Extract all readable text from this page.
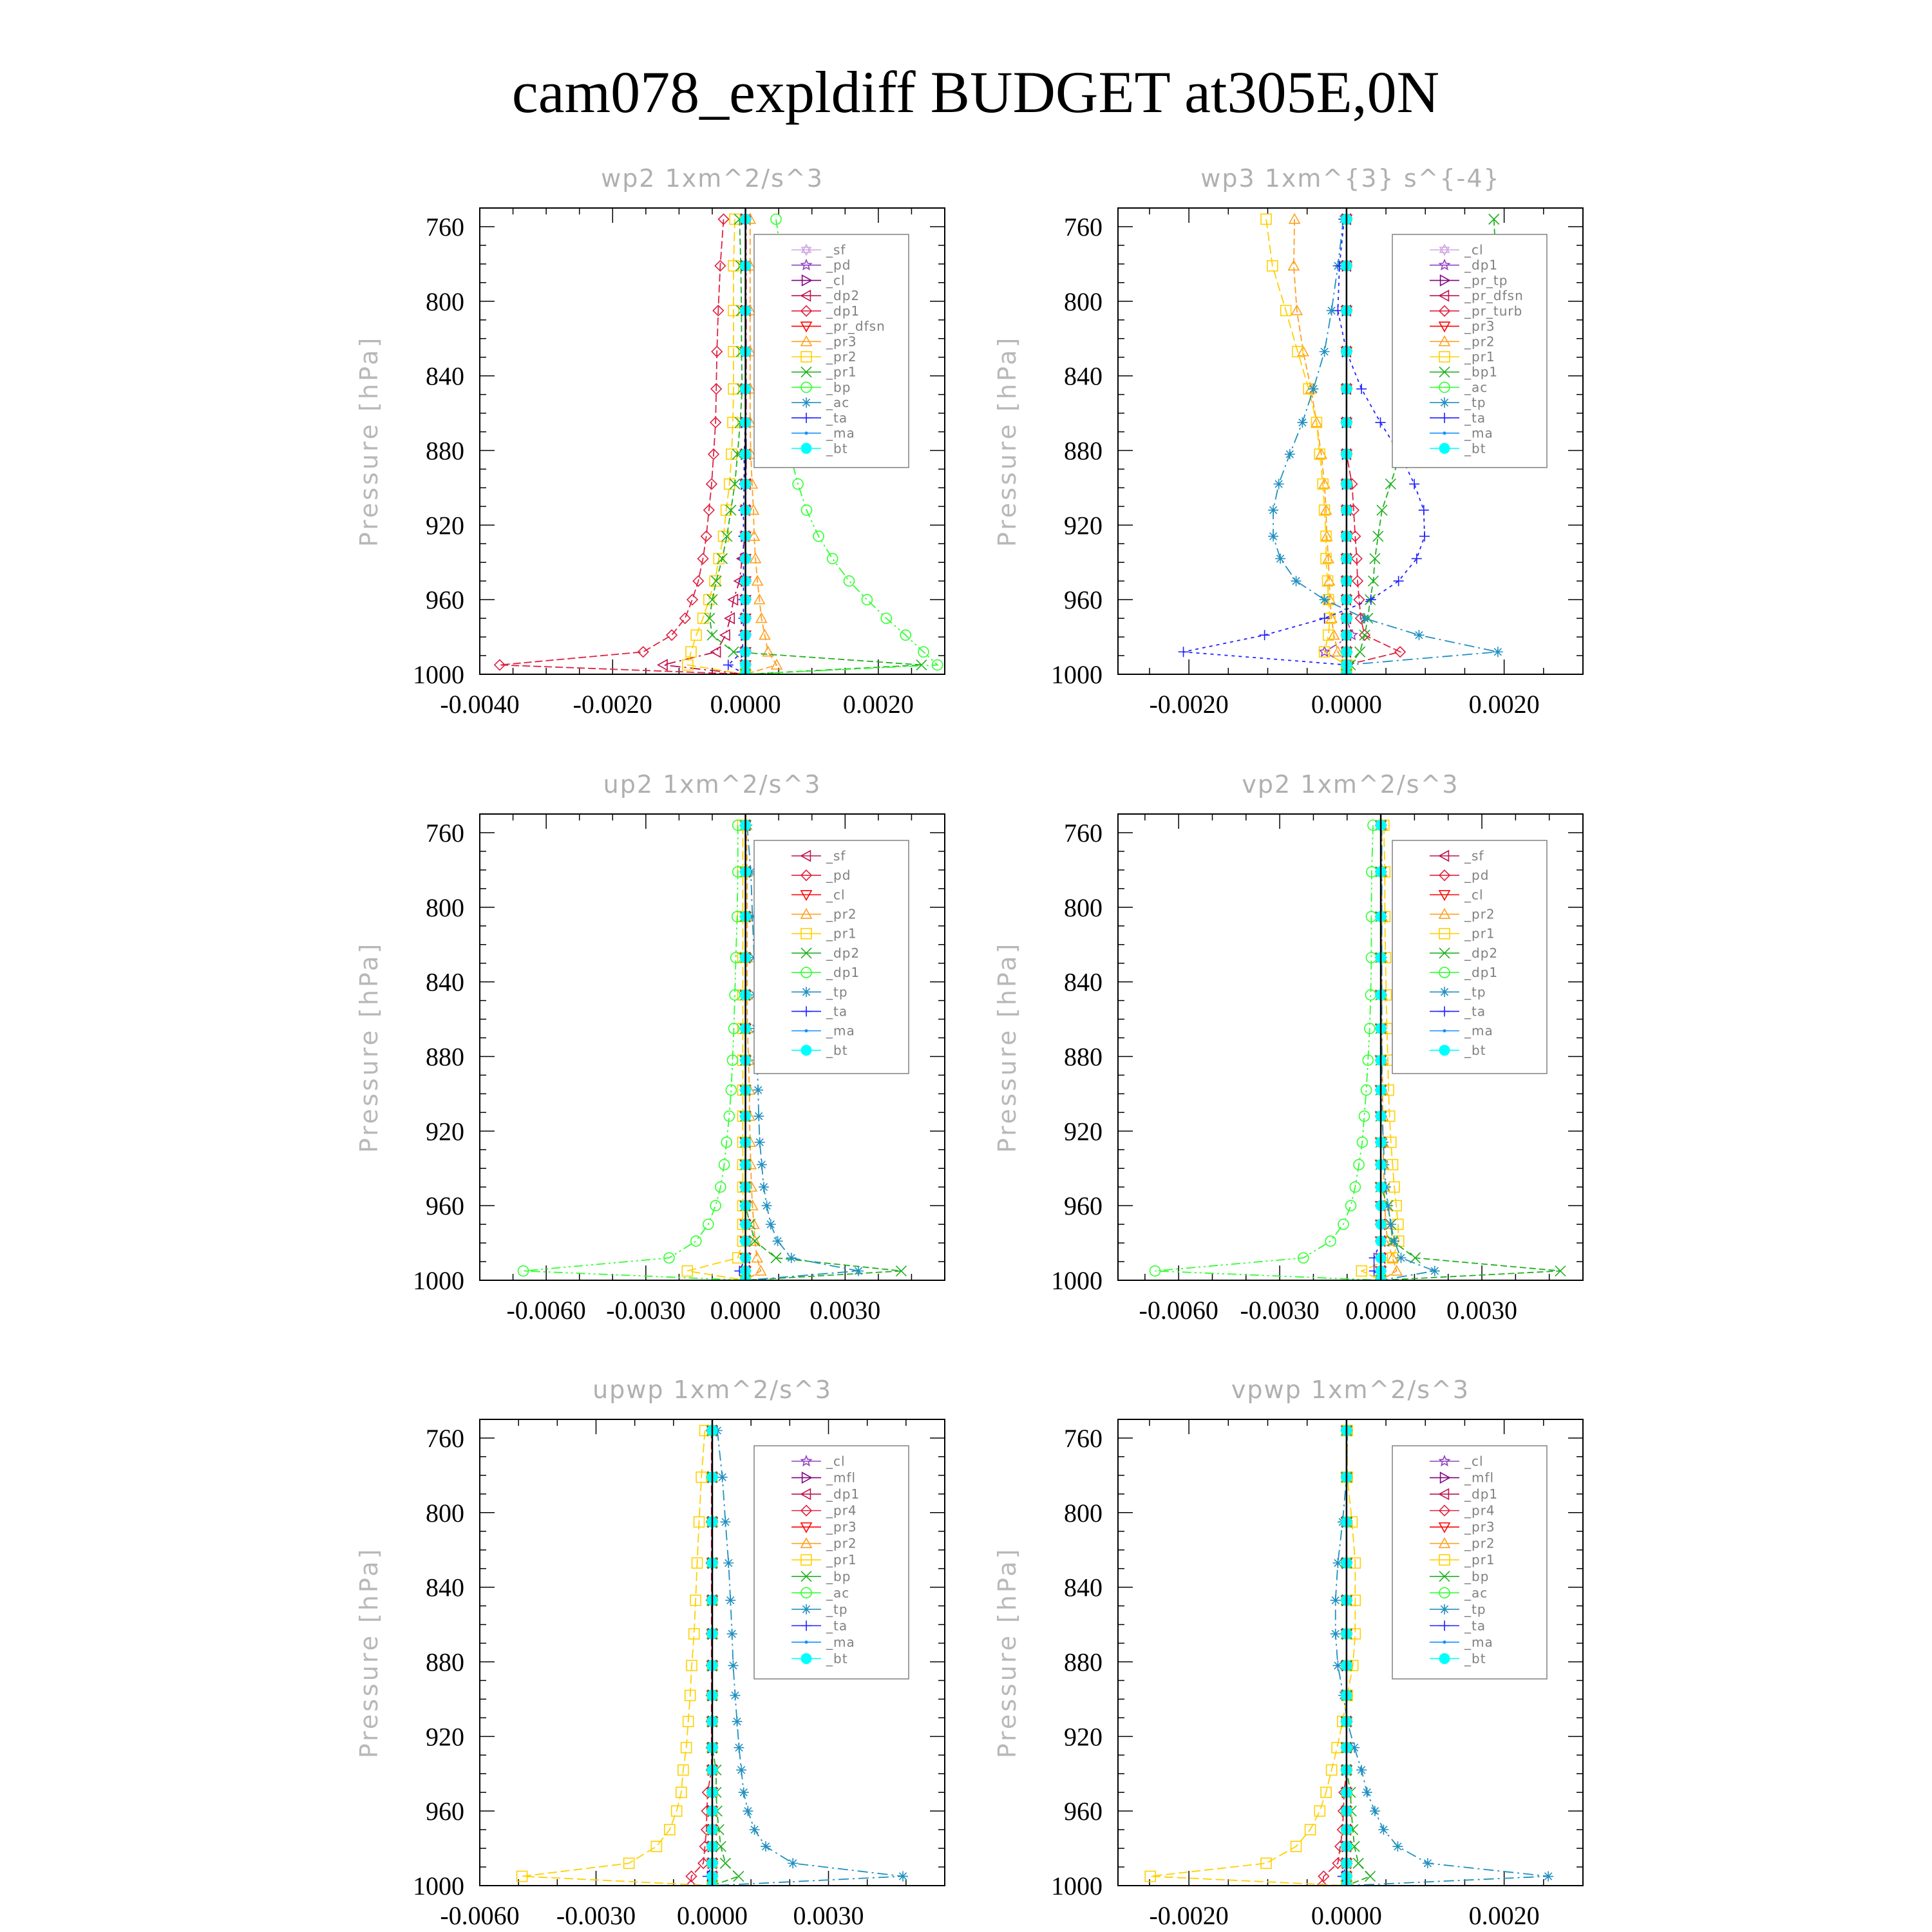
cam078_expldiff BUDGET at305E,0N
wp2 1xm^2/s^3
Pressure [hPa]
760
800
840
880
920
960
1000
-0.0040 -0.0020 0.0000 0.0020
_sf
_pd
_cl
_dp2
_dp1
_pr_dfsn
_pr3
_pr2
_pr1
_bp
_ac
_ta
_ma
_bt
wp3 1xm^{3} s^{-4}
Pressure [hPa]
760
800
840
880
920
960
1000
-0.0020	0.0000	0.0020
_cl
_dp1
_pr_tp
_pr_dfsn
_pr_turb
_pr3
_pr2
_pr1
_bp1
_ac
_tp
_ta
_ma
_bt
up2 1xm^2/s^3
Pressure [hPa]
760
800
840
880
920
960
1000
-0.0060 -0.0030 0.0000 0.0030
_sf
_pd
_cl
_pr2
_pr1
_dp2
_dp1
_tp
_ta
_ma
_bt
vp2 1xm^2/s^3
Pressure [hPa]
760
800
840
880
920
960
1000
-0.0060 -0.0030 0.0000 0.0030
_sf
_pd
_cl
_pr2
_pr1
_dp2
_dp1
_tp
_ta
_ma
_bt
upwp 1xm^2/s^3
Pressure [hPa]
760
800
840
880
920
960
1000
-0.0060 -0.0030 0.0000 0.0030
_cl
_mfl
_dp1
_pr4
_pr3
_pr2
_pr1
_bp
_ac
_tp
_ta
_ma
_bt
vpwp 1xm^2/s^3
Pressure [hPa]
760
800
840
880
920
960
1000
-0.0020	0.0000	0.0020
_cl
_mfl
_dp1
_pr4
_pr3
_pr2
_pr1
_bp
_ac
_tp
_ta
_ma
_bt
